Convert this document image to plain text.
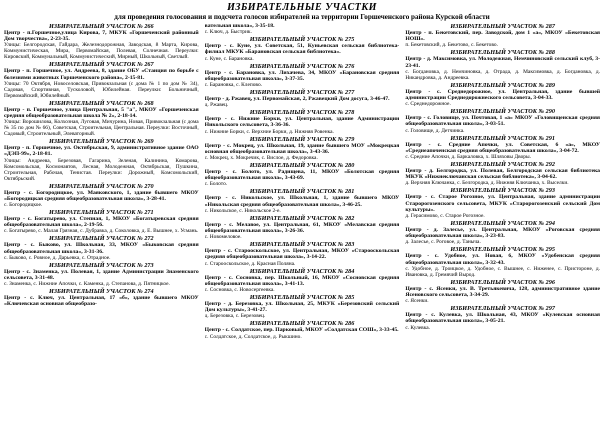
ИЗБИРАТЕЛЬНЫЕ УЧАСТКИ
для проведения голосования и подсчета голосов избирателей на территории Горшеченского района Курской области
ИЗБИРАТЕЛЬНЫЙ УЧАСТОК № 266
Центр - п.Горшечное,улица Кирова, 7, МКУК «Горшеченский районный Дом творчества», 2-23-35.
Улицы: Белгородская, Гайдара, Железнодорожная, Заводская, 8 Марта, Кирова, Коммунистическая, Мира, Первомайская, Полевая, Солнечная. Переулки: Кировский, Коммунальный, Коммунистический, Мирный, Школьный, Светлый.
ИЗБИРАТЕЛЬНЫЙ УЧАСТОК № 267
Центр - п. Горшечное, ул. Андреева, 8, здание ОБУ «Станция по борьбе с болезнями животных Горшеченского района», 2-15-81.
Улицы: 70 Октября, Новоселовская, Привокзальная (с дома № 1 по дом № 34), Садовая, Спортивная, Тусколовой, Юбилейная. Переулки: Больничный, Первомайский, Юбилейный.
ИЗБИРАТЕЛЬНЫЙ УЧАСТОК № 268
Центр - п. Горшечное, улица Центральная, 5 "а", МКОУ «Горшеченская средняя общеобразовательная школа № 2», 2-18-14.
Улицы: Ворошилова, Колхозная, Луговая, Мичурина, Новая, Привокзальная (с дома № 35 по дом № 66), Советская, Строительная, Центральная. Переулки: Восточный, Садовый, Строительный, Элеваторный.
ИЗБИРАТЕЛЬНЫЙ УЧАСТОК № 269
Центр - п. Горшечное, ул. Октябрьская, 9, административное здание ОАО «ДЭП-99», 2-18-81.
Улицы: Андреева, Березовая, Гагарина, Зеленая, Калинина, Комарова, Комсомольская, Космонавтов, Лесная, Молодежная, Октябрьская, Пушкина, Строительная, Рабочая, Тенистая. Переулки: Дорожный, Комсомольский, Октябрьский.
ИЗБИРАТЕЛЬНЫЙ УЧАСТОК № 270
Центр - с. Богородицкое, ул. Маяковского, 1, здание бывшего МКОУ «Богородицкая средняя общеобразовательная школа», 3-28-41.
с. Богородицкое.
ИЗБИРАТЕЛЬНЫЙ УЧАСТОК № 271
Центр - с. Богатырево, ул. Степная, 1, МКОУ «Богатыревская средняя общеобразовательная школа», 2-19-56.
с. Богатырево, с. Малая Грязная, с. Дубравка, д. Соколовка, д. Е. Вышнее, х. Усмань.
ИЗБИРАТЕЛЬНЫЙ УЧАСТОК № 272
Центр - с. Быково, ул. Школьная, 33, МКОУ «Быковская средняя общеобразовательная школа», 3-31-36.
с. Быково, с. Ровное, д. Дарьевка, с. Отрадное.
ИЗБИРАТЕЛЬНЫЙ УЧАСТОК № 273
Центр - с. Знаменка, ул. Полевая, 1, здание Администрации Знаменского сельсовета, 3-31-48.
с. Знаменка, с. Нижние Апочки, с. Каменка, д. Степанова, д. Пятницкое.
ИЗБИРАТЕЛЬНЫЙ УЧАСТОК № 274
Центр - с. Ключ, ул. Центральная, 17 «б», здание бывшего МКОУ «Ключевская основная общеобразо-
вательная школа», 3-35-18.
с. Ключ, д. Быстрик.
ИЗБИРАТЕЛЬНЫЙ УЧАСТОК № 275
Центр - с. Куне, ул. Советская, 51, Куньевская сельская библиотека-филиал МКУК «Барановская сельская библиотека».
с. Куне, с. Барановка.
ИЗБИРАТЕЛЬНЫЙ УЧАСТОК № 276
Центр - с. Барановка, ул. Лихачева, 34, МКОУ «Барановская средняя общеобразовательная школа», 3-37-35.
с. Барановка, с. Клепово.
ИЗБИРАТЕЛЬНЫЙ УЧАСТОК № 277
Центр - д. Ржавец, ул. Первомайская, 2, Ржавецкий Дом досуга, 3-46-47.
д. Ржавец.
ИЗБИРАТЕЛЬНЫЙ УЧАСТОК № 278
Центр - с. Нижние Борки, ул. Центральная, здание Администрации Никольского сельсовета, 3-36-36.
с. Нижние Борки, с. Верхние Борки, д. Нижняя Ровенка.
ИЗБИРАТЕЛЬНЫЙ УЧАСТОК № 279
Центр - с. Мокрец, ул. Школьная, 19, здание бывшего МОУ «Мокрецкая основная общеобразовательная школа», 3-43-36.
с. Мокрец, х. Мокречик, с. Вислое, д. Федоровка.
ИЗБИРАТЕЛЬНЫЙ УЧАСТОК № 280
Центр - с. Болото, ул. Радищева, 11, МКОУ «Болотская средняя общеобразовательная школа», 3-43-69.
с. Болото.
ИЗБИРАТЕЛЬНЫЙ УЧАСТОК № 281
Центр - с. Никольское, ул. Школьная, 1, здание бывшего МКОУ «Никольская средняя общеобразовательная школа», 3-46-25.
с. Никольское, с. Никольское 2-е.
ИЗБИРАТЕЛЬНЫЙ УЧАСТОК № 282
Центр - с. Мелавое, ул. Центральная, 61, МКОУ «Мелавская средняя общеобразовательная школа», 3-26-36.
с. Новомеловое.
ИЗБИРАТЕЛЬНЫЙ УЧАСТОК № 283
Центр - с. Старооскольское, ул. Центральная, МКОУ «Старооскольская средняя общеобразовательная школа», 3-14-22.
с. Старооскольское, д. Красная Поляна.
ИЗБИРАТЕЛЬНЫЙ УЧАСТОК № 284
Центр - с. Сосновка, пер. Школьный, 16, МКОУ «Сосновская средняя общеобразовательная школа», 3-41-13.
с. Сосновка, с. Новосергеевка.
ИЗБИРАТЕЛЬНЫЙ УЧАСТОК № 285
Центр - д. Березовка, ул. Школьная, 25, МКУК «Березовский сельский Дом культуры», 3-41-27.
д. Березовка, с. Березовец.
ИЗБИРАТЕЛЬНЫЙ УЧАСТОК № 286
Центр - с. Солдатское, пер. Парковый, МКОУ «Солдатская СОШ», 3-33-45.
с. Солдатское, д. Солдатское, д. Рыкшино.
ИЗБИРАТЕЛЬНЫЙ УЧАСТОК № 287
Центр - п. Бекетовский, пер. Заводской, дом 1 «а», МКОУ «Бекетовская НОШ».
п. Бекетовский, д. Бекетово, с. Бекетово.
ИЗБИРАТЕЛЬНЫЙ УЧАСТОК № 288
Центр - д. Максимовка, ул. Молодежная, Немчиновский сельский клуб, 3-23-41.
с. Богдановка, д. Немчиновка, д. Отрада, д. Максимовка, д. Богдановка, д. Никандровка, д. Андреевка.
ИЗБИРАТЕЛЬНЫЙ УЧАСТОК № 289
Центр - с. Среднедорожное, ул. Центральная, здание бывшей администрации Среднедорожнеского сельсовета, 3-04-33.
с. Среднедорожное.
ИЗБИРАТЕЛЬНЫЙ УЧАСТОК № 290
Центр - с. Головище, ул. Почтовая, 1 «а» МКОУ «Головищенская средняя общеобразовательная школа», 3-03-51.
с. Головище, д. Детчинка.
ИЗБИРАТЕЛЬНЫЙ УЧАСТОК № 291
Центр - с. Средние Апочки, ул. Советская, 6 «а», МКОУ «Среднеапоченская средняя общеобразовательная школа», 3-04-72.
с. Средние Апочки, д. Баркаловка, х. Шляховы Дворы.
ИЗБИРАТЕЛЬНЫЙ УЧАСТОК № 292
Центр - д. Белгородка, ул. Полевая, Белгородская сельская библиотека МКУК «Нижнеключанская сельская библиотека», 3-04-62.
д. Верхняя Ключанка, с. Белгородка, д. Нижняя Ключанка, х. Выселки.
ИЗБИРАТЕЛЬНЫЙ УЧАСТОК № 293
Центр - с. Старое Рогозное, ул. Центральная, здание администрации Старорогозенского сельсовета, МКУК «Старорогозенский сельский Дом культуры».
д. Герасимово, с. Старое Рогозное.
ИЗБИРАТЕЛЬНЫЙ УЧАСТОК № 294
Центр - д. Залесье, ул. Центральная, МКОУ «Роговская средняя общеобразовательная школа», 3-23-83.
д. Залесье, с. Роговое, д. Таныча.
ИЗБИРАТЕЛЬНЫЙ УЧАСТОК № 295
Центр - с. Удобное, ул. Новая, 6, МКОУ «Удобенская средняя общеобразовательная школа», 3-32-43.
с. Удобное, д. Троицкое, д. Удобное, с. Вышнее, с. Ниженее, с. Пристороне, д. Ивановка, д. Гремячий Вырод.
ИЗБИРАТЕЛЬНЫЙ УЧАСТОК № 296
Центр - с. Ясенки, ул. В. Третьякевича, 128, административное здание Ясеновского сельсовета, 3-34-29.
с. Ясенки.
ИЗБИРАТЕЛЬНЫЙ УЧАСТОК № 297
Центр - с. Кулевка, ул. Школьная, 43, МКОУ «Кулевская основная общеобразовательная школа», 3-05-21.
с. Кулевка.
